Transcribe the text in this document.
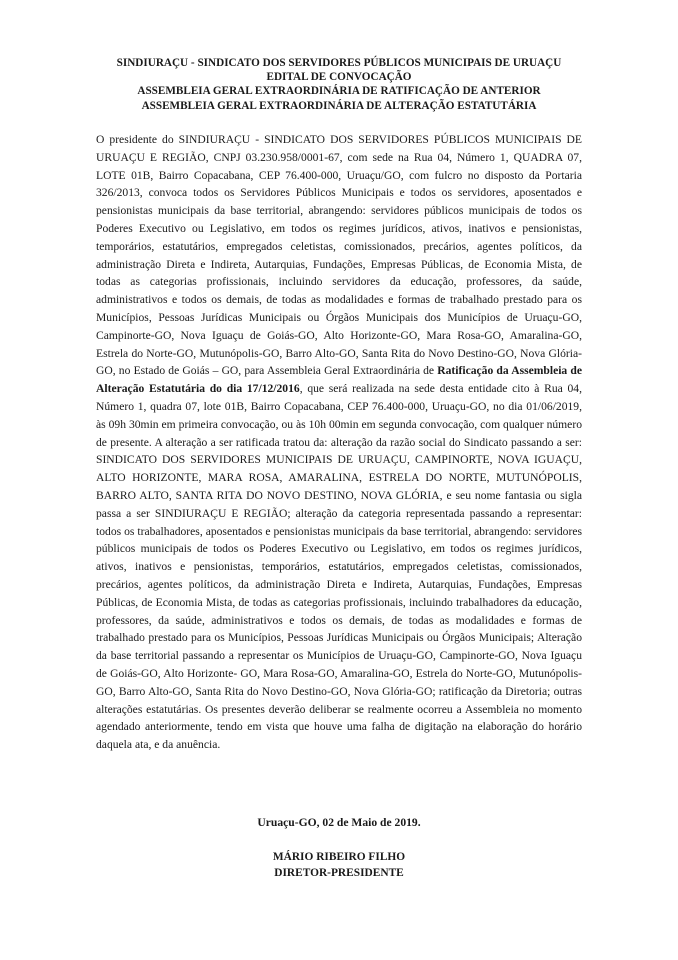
SINDIURAÇU - SINDICATO DOS SERVIDORES PÚBLICOS MUNICIPAIS DE URUAÇU
EDITAL DE CONVOCAÇÃO
ASSEMBLEIA GERAL EXTRAORDINÁRIA DE RATIFICAÇÃO DE ANTERIOR
ASSEMBLEIA GERAL EXTRAORDINÁRIA DE ALTERAÇÃO ESTATUTÁRIA

O presidente do SINDIURAÇU - SINDICATO DOS SERVIDORES PÚBLICOS MUNICIPAIS DE URUAÇU E REGIÃO, CNPJ 03.230.958/0001-67, com sede na Rua 04, Número 1, QUADRA 07, LOTE 01B, Bairro Copacabana, CEP 76.400-000, Uruaçu/GO, com fulcro no disposto da Portaria 326/2013, convoca todos os Servidores Públicos Municipais e todos os servidores, aposentados e pensionistas municipais da base territorial, abrangendo: servidores públicos municipais de todos os Poderes Executivo ou Legislativo, em todos os regimes jurídicos, ativos, inativos e pensionistas, temporários, estatutários, empregados celetistas, comissionados, precários, agentes políticos, da administração Direta e Indireta, Autarquias, Fundações, Empresas Públicas, de Economia Mista, de todas as categorias profissionais, incluindo servidores da educação, professores, da saúde, administrativos e todos os demais, de todas as modalidades e formas de trabalhado prestado para os Municípios, Pessoas Jurídicas Municipais ou Órgãos Municipais dos Municípios de Uruaçu-GO, Campinorte-GO, Nova Iguaçu de Goiás-GO, Alto Horizonte-GO, Mara Rosa-GO, Amaralina-GO, Estrela do Norte-GO, Mutunópolis-GO, Barro Alto-GO, Santa Rita do Novo Destino-GO, Nova Glória-GO, no Estado de Goiás – GO, para Assembleia Geral Extraordinária de Ratificação da Assembleia de Alteração Estatutária do dia 17/12/2016, que será realizada na sede desta entidade cito à Rua 04, Número 1, quadra 07, lote 01B, Bairro Copacabana, CEP 76.400-000, Uruaçu-GO, no dia 01/06/2019, às 09h 30min em primeira convocação, ou às 10h 00min em segunda convocação, com qualquer número de presente. A alteração a ser ratificada tratou da: alteração da razão social do Sindicato passando a ser: SINDICATO DOS SERVIDORES MUNICIPAIS DE URUAÇU, CAMPINORTE, NOVA IGUAÇU, ALTO HORIZONTE, MARA ROSA, AMARALINA, ESTRELA DO NORTE, MUTUNÓPOLIS, BARRO ALTO, SANTA RITA DO NOVO DESTINO, NOVA GLÓRIA, e seu nome fantasia ou sigla passa a ser SINDIURAÇU E REGIÃO; alteração da categoria representada passando a representar: todos os trabalhadores, aposentados e pensionistas municipais da base territorial, abrangendo: servidores públicos municipais de todos os Poderes Executivo ou Legislativo, em todos os regimes jurídicos, ativos, inativos e pensionistas, temporários, estatutários, empregados celetistas, comissionados, precários, agentes políticos, da administração Direta e Indireta, Autarquias, Fundações, Empresas Públicas, de Economia Mista, de todas as categorias profissionais, incluindo trabalhadores da educação, professores, da saúde, administrativos e todos os demais, de todas as modalidades e formas de trabalhado prestado para os Municípios, Pessoas Jurídicas Municipais ou Órgãos Municipais; Alteração da base territorial passando a representar os Municípios de Uruaçu-GO, Campinorte-GO, Nova Iguaçu de Goiás-GO, Alto Horizonte- GO, Mara Rosa-GO, Amaralina-GO, Estrela do Norte-GO, Mutunópolis-GO, Barro Alto-GO, Santa Rita do Novo Destino-GO, Nova Glória-GO; ratificação da Diretoria; outras alterações estatutárias. Os presentes deverão deliberar se realmente ocorreu a Assembleia no momento agendado anteriormente, tendo em vista que houve uma falha de digitação na elaboração do horário daquela ata, e da anuência.

Uruaçu-GO, 02 de Maio de 2019.
MÁRIO RIBEIRO FILHO
DIRETOR-PRESIDENTE
